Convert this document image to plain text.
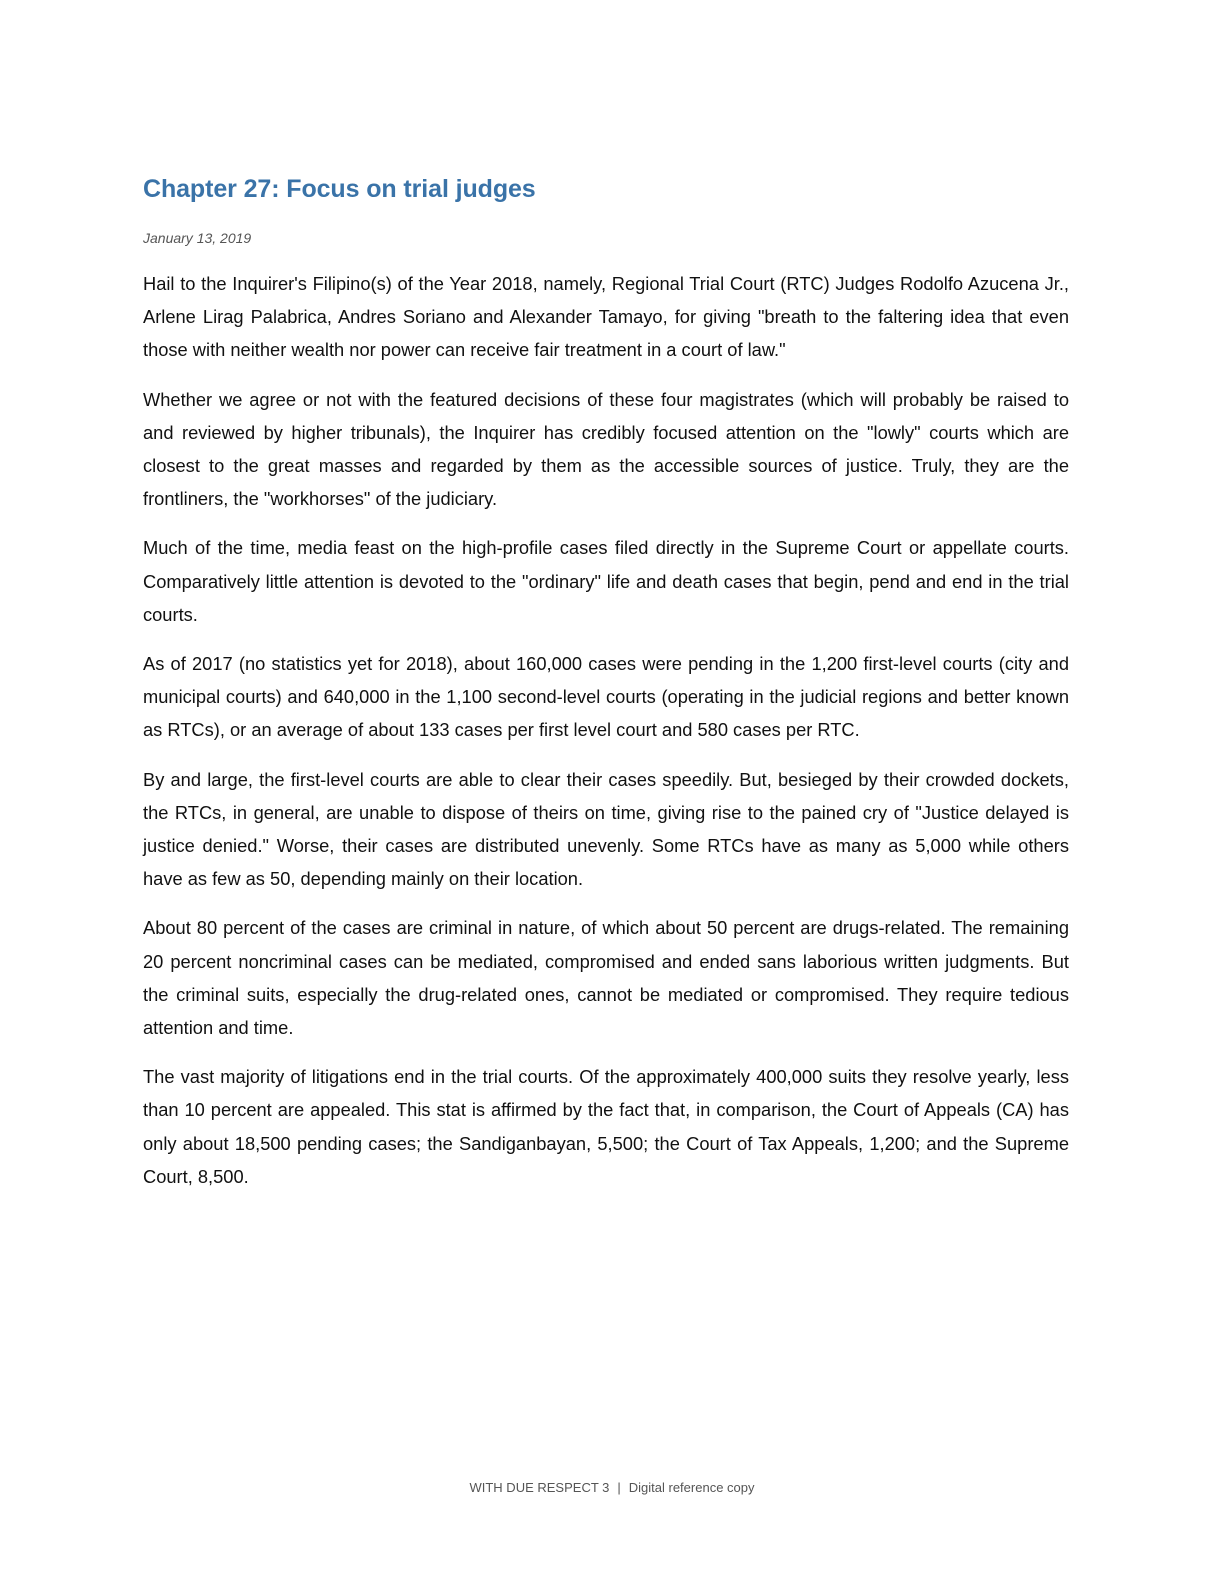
Chapter 27: Focus on trial judges
January 13, 2019

Hail to the Inquirer's Filipino(s) of the Year 2018, namely, Regional Trial Court (RTC) Judges Rodolfo Azucena Jr., Arlene Lirag Palabrica, Andres Soriano and Alexander Tamayo, for giving "breath to the faltering idea that even those with neither wealth nor power can receive fair treatment in a court of law."

Whether we agree or not with the featured decisions of these four magistrates (which will probably be raised to and reviewed by higher tribunals), the Inquirer has credibly focused attention on the "lowly" courts which are closest to the great masses and regarded by them as the accessible sources of justice. Truly, they are the frontliners, the "workhorses" of the judiciary.

Much of the time, media feast on the high-profile cases filed directly in the Supreme Court or appellate courts. Comparatively little attention is devoted to the "ordinary" life and death cases that begin, pend and end in the trial courts.

As of 2017 (no statistics yet for 2018), about 160,000 cases were pending in the 1,200 first-level courts (city and municipal courts) and 640,000 in the 1,100 second-level courts (operating in the judicial regions and better known as RTCs), or an average of about 133 cases per first level court and 580 cases per RTC.

By and large, the first-level courts are able to clear their cases speedily. But, besieged by their crowded dockets, the RTCs, in general, are unable to dispose of theirs on time, giving rise to the pained cry of "Justice delayed is justice denied." Worse, their cases are distributed unevenly. Some RTCs have as many as 5,000 while others have as few as 50, depending mainly on their location.

About 80 percent of the cases are criminal in nature, of which about 50 percent are drugs-related. The remaining 20 percent noncriminal cases can be mediated, compromised and ended sans laborious written judgments. But the criminal suits, especially the drug-related ones, cannot be mediated or compromised. They require tedious attention and time.

The vast majority of litigations end in the trial courts. Of the approximately 400,000 suits they resolve yearly, less than 10 percent are appealed. This stat is affirmed by the fact that, in comparison, the Court of Appeals (CA) has only about 18,500 pending cases; the Sandiganbayan, 5,500; the Court of Tax Appeals, 1,200; and the Supreme Court, 8,500.

WITH DUE RESPECT 3 | Digital reference copy
